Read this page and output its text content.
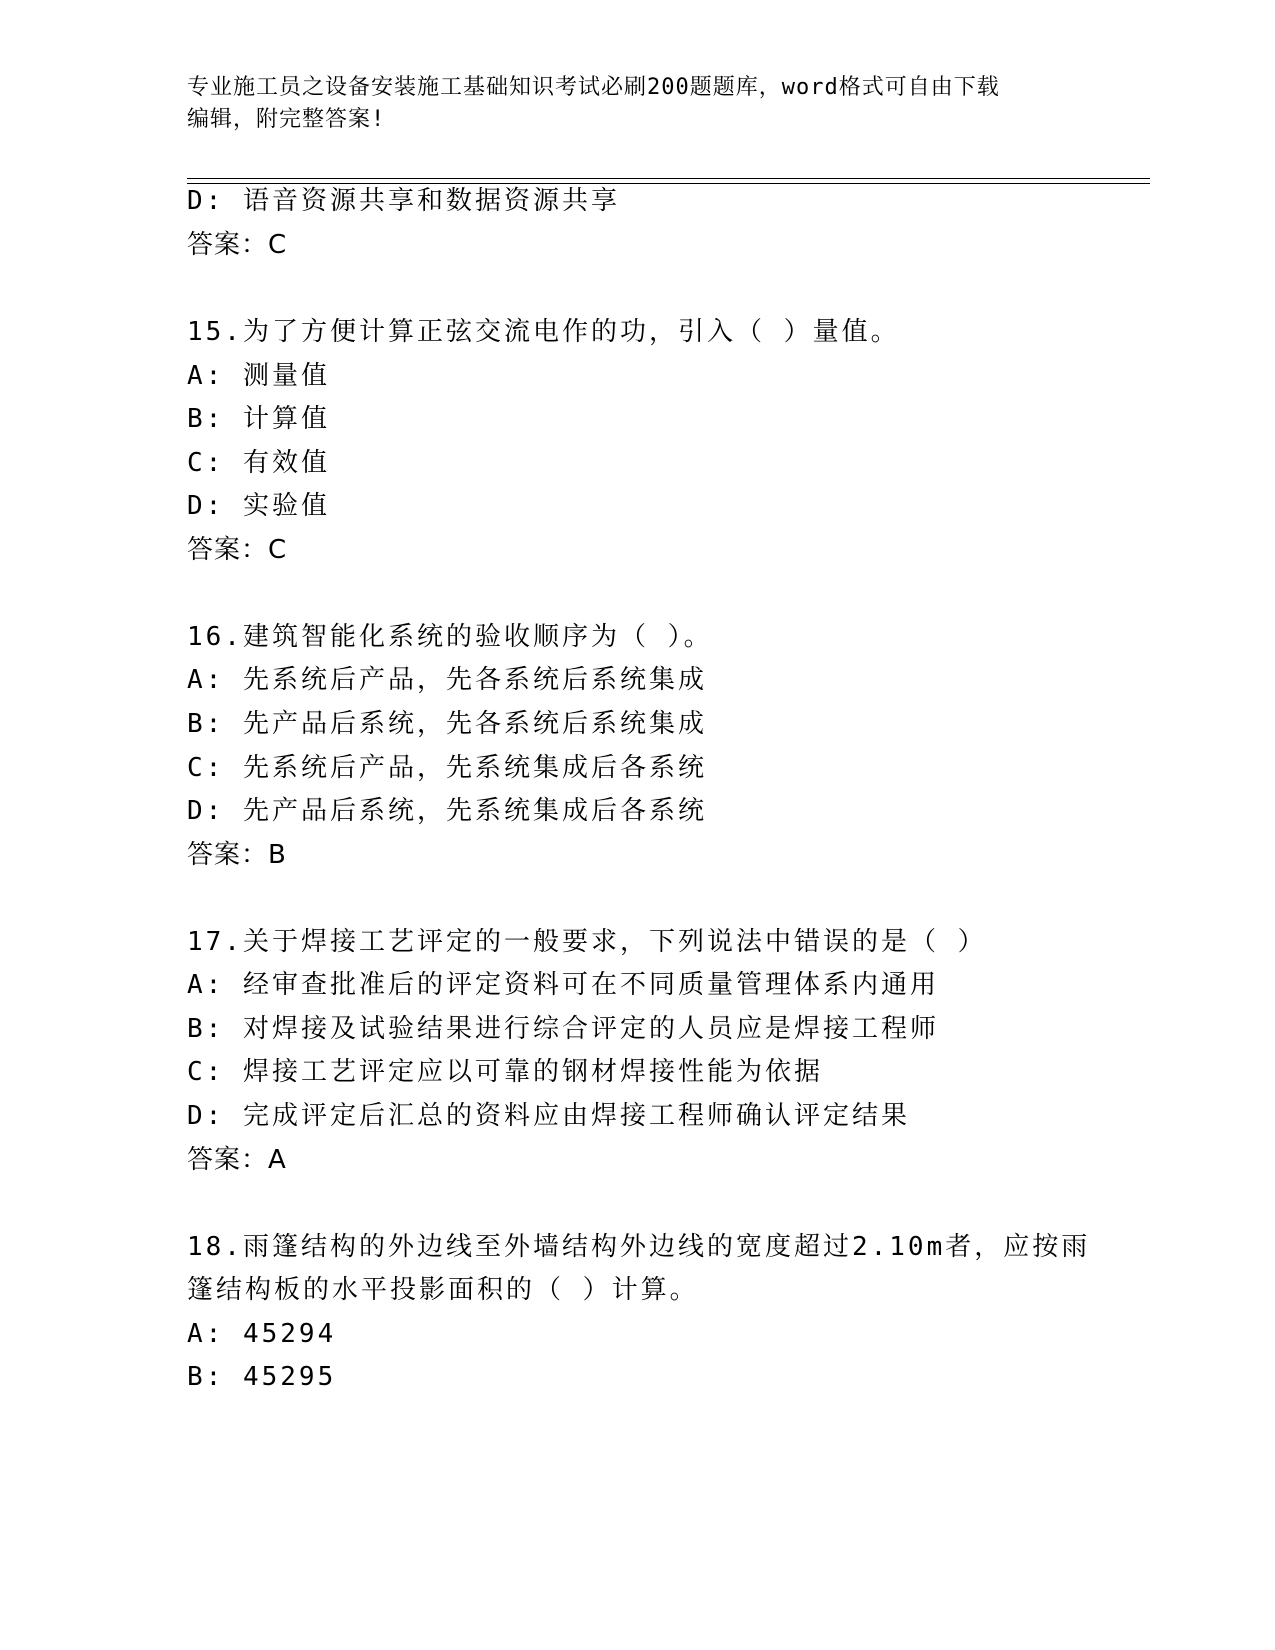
专业施工员之设备安装施工基础知识考试必刷200题题库，word格式可自由下载

编辑，附完整答案!

D: 语音资源共享和数据资源共享
答案：C
15.为了方便计算正弦交流电作的功，引入（ ）量值。
A: 测量值
B: 计算值
C: 有效值
D: 实验值
答案：C
16.建筑智能化系统的验收顺序为（ ）。
A: 先系统后产品，先各系统后系统集成
B: 先产品后系统，先各系统后系统集成
C: 先系统后产品，先系统集成后各系统
D: 先产品后系统，先系统集成后各系统
答案：B
17.关于焊接工艺评定的一般要求，下列说法中错误的是（ ）
A: 经审查批准后的评定资料可在不同质量管理体系内通用
B: 对焊接及试验结果进行综合评定的人员应是焊接工程师
C: 焊接工艺评定应以可靠的钢材焊接性能为依据
D: 完成评定后汇总的资料应由焊接工程师确认评定结果
答案：A
18.雨篷结构的外边线至外墙结构外边线的宽度超过2.10m者，应按雨
篷结构板的水平投影面积的（ ）计算。
A: 45294
B: 45295
